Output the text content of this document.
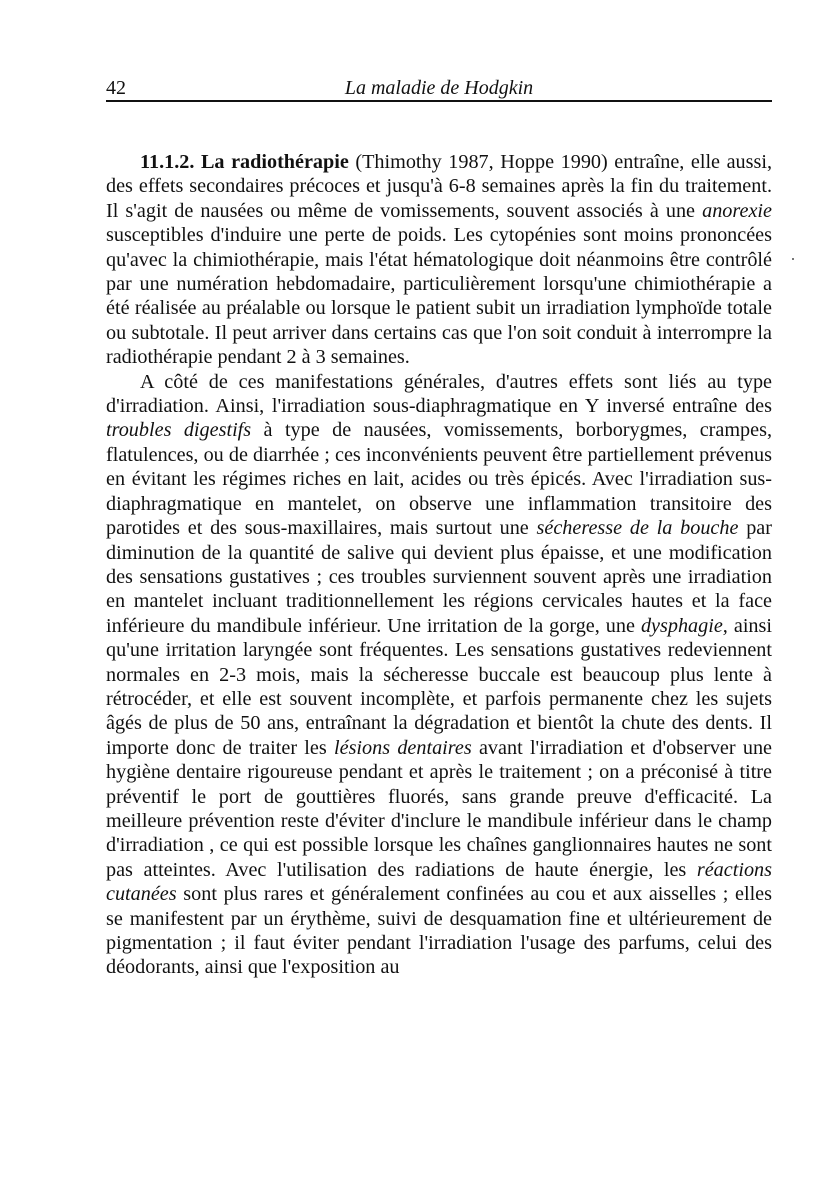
42	La maladie de Hodgkin

11.1.2. La radiothérapie (Thimothy 1987, Hoppe 1990) entraîne, elle aussi, des effets secondaires précoces et jusqu'à 6-8 semaines après la fin du traitement. Il s'agit de nausées ou même de vomissements, souvent associés à une anorexie susceptibles d'induire une perte de poids. Les cytopénies sont moins prononcées qu'avec la chimiothérapie, mais l'état hématologique doit néanmoins être contrôlé par une numération hebdomadaire, particulièrement lorsqu'une chimiothérapie a été réalisée au préalable ou lorsque le patient subit un irradiation lymphoïde totale ou subtotale. Il peut arriver dans certains cas que l'on soit conduit à interrompre la radiothérapie pendant 2 à 3 semaines.

A côté de ces manifestations générales, d'autres effets sont liés au type d'irradiation. Ainsi, l'irradiation sous-diaphragmatique en Y inversé entraîne des troubles digestifs à type de nausées, vomissements, borborygmes, crampes, flatulences, ou de diarrhée ; ces inconvénients peuvent être partiellement prévenus en évitant les régimes riches en lait, acides ou très épicés. Avec l'irradiation sus-diaphragmatique en mantelet, on observe une inflammation transitoire des parotides et des sous-maxillaires, mais surtout une sécheresse de la bouche par diminution de la quantité de salive qui devient plus épaisse, et une modification des sensations gustatives ; ces troubles surviennent souvent après une irradiation en mantelet incluant traditionnellement les régions cervicales hautes et la face inférieure du mandibule inférieur. Une irritation de la gorge, une dysphagie, ainsi qu'une irritation laryngée sont fréquentes. Les sensations gustatives redeviennent normales en 2-3 mois, mais la sécheresse buccale est beaucoup plus lente à rétrocéder, et elle est souvent incomplète, et parfois permanente chez les sujets âgés de plus de 50 ans, entraînant la dégradation et bientôt la chute des dents. Il importe donc de traiter les lésions dentaires avant l'irradiation et d'observer une hygiène dentaire rigoureuse pendant et après le traitement ; on a préconisé à titre préventif le port de gouttières fluorés, sans grande preuve d'efficacité. La meilleure prévention reste d'éviter d'inclure le mandibule inférieur dans le champ d'irradiation , ce qui est possible lorsque les chaînes ganglionnaires hautes ne sont pas atteintes. Avec l'utilisation des radiations de haute énergie, les réactions cutanées sont plus rares et généralement confinées au cou et aux aisselles ; elles se manifestent par un érythème, suivi de desquamation fine et ultérieurement de pigmentation ; il faut éviter pendant l'irradiation l'usage des parfums, celui des déodorants, ainsi que l'exposition au
